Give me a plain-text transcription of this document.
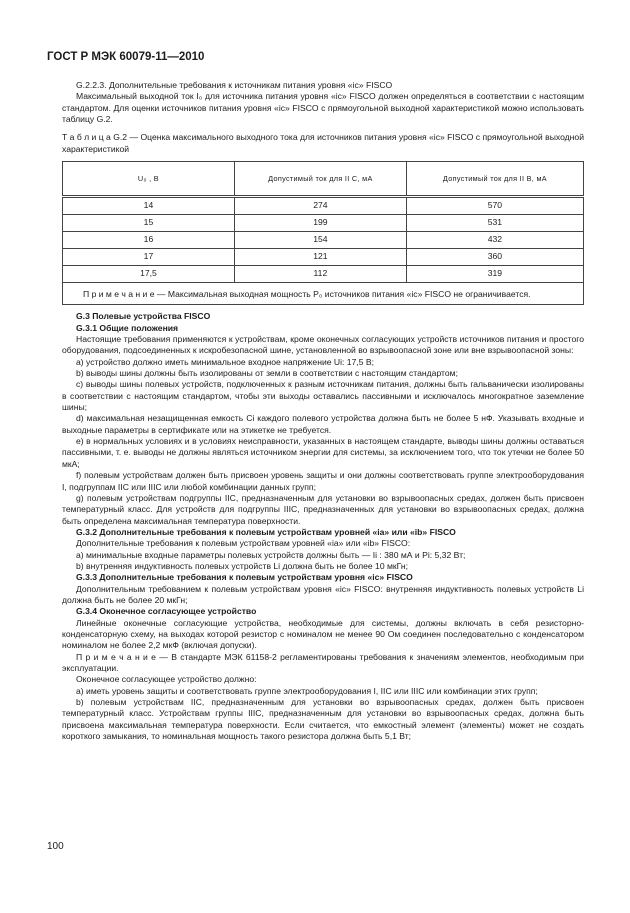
ГОСТ Р МЭК 60079-11—2010

G.2.2.3. Дополнительные требования к источникам питания уровня «ic» FISCO

Максимальный выходной ток I₀ для источника питания уровня «ic» FISCO должен определяться в соответствии с настоящим стандартом. Для оценки источников питания уровня «ic» FISCO с прямоугольной выходной характеристикой можно использовать таблицу G.2.

Т а б л и ц а G.2 — Оценка максимального выходного тока для источников питания уровня «ic» FISCO с прямоугольной выходной характеристикой

U₀ , В	Допустимый ток для II C, мА	Допустимый ток для II B, мА
14	274	570
15	199	531
16	154	432
17	121	360
17,5	112	319
П р и м е ч а н и е — Максимальная выходная мощность P₀ источников питания «ic» FISCO не ограничивается.		

G.3 Полевые устройства FISCO

G.3.1 Общие положения

Настоящие требования применяются к устройствам, кроме оконечных согласующих устройств источников питания и простого оборудования, подсоединенных к искробезопасной шине, установленной во взрывоопасной зоне или вне взрывоопасной зоны:

a) устройство должно иметь минимальное входное напряжение Ui: 17,5 В;

b) выводы шины должны быть изолированы от земли в соответствии с настоящим стандартом;

c) выводы шины полевых устройств, подключенных к разным источникам питания, должны быть гальванически изолированы в соответствии с настоящим стандартом, чтобы эти выходы оставались пассивными и исключалось многократное заземление шины;

d) максимальная незащищенная емкость Ci каждого полевого устройства должна быть не более 5 нФ. Указывать входные и выходные параметры в сертификате или на этикетке не требуется.

e) в нормальных условиях и в условиях неисправности, указанных в настоящем стандарте, выводы шины должны оставаться пассивными, т. е. выводы не должны являться источником энергии для системы, за исключением того, что ток утечки не более 50 мкА;

f) полевым устройствам должен быть присвоен уровень защиты и они должны соответствовать группе электрооборудования I, подгруппам IIC или IIIC или любой комбинации данных групп;

g) полевым устройствам подгруппы IIC, предназначенным для установки во взрывоопасных средах, должен быть присвоен температурный класс. Для устройств для подгруппы IIIC, предназначенных для установки во взрывоопасных средах, должна быть определена максимальная температура поверхности.

G.3.2 Дополнительные требования к полевым устройствам уровней «ia» или «ib» FISCO

Дополнительные требования к полевым устройствам уровней «ia» или «ib» FISCO:

a) минимальные входные параметры полевых устройств должны быть — Ii : 380 мА и Pi: 5,32 Вт;

b) внутренняя индуктивность полевых устройств Li должна быть не более 10 мкГн;

G.3.3 Дополнительные требования к полевым устройствам уровня «ic» FISCO

Дополнительным требованием к полевым устройствам уровня «ic» FISCO: внутренняя индуктивность полевых устройств Li должна быть не более 20 мкГн;

G.3.4 Оконечное согласующее устройство

Линейные оконечные согласующие устройства, необходимые для системы, должны включать в себя резисторно-конденсаторную схему, на выходах которой резистор с номиналом не менее 90 Ом соединен последовательно с конденсатором номиналом не более 2,2 мкФ (включая допуски).

П р и м е ч а н и е — В стандарте МЭК 61158-2 регламентированы требования к значениям элементов, необходимым при эксплуатации.

Оконечное согласующее устройство должно:

a) иметь уровень защиты и соответствовать группе электрооборудования I, IIC или IIIC или комбинации этих групп;

b) полевым устройствам IIC, предназначенным для установки во взрывоопасных средах, должен быть присвоен температурный класс. Устройствам группы IIIC, предназначенным для установки во взрывоопасных средах, должна быть присвоена максимальная температура поверхности. Если считается, что емкостный элемент (элементы) может не создать короткого замыкания, то номинальная мощность такого резистора должна быть 5,1 Вт;

100
